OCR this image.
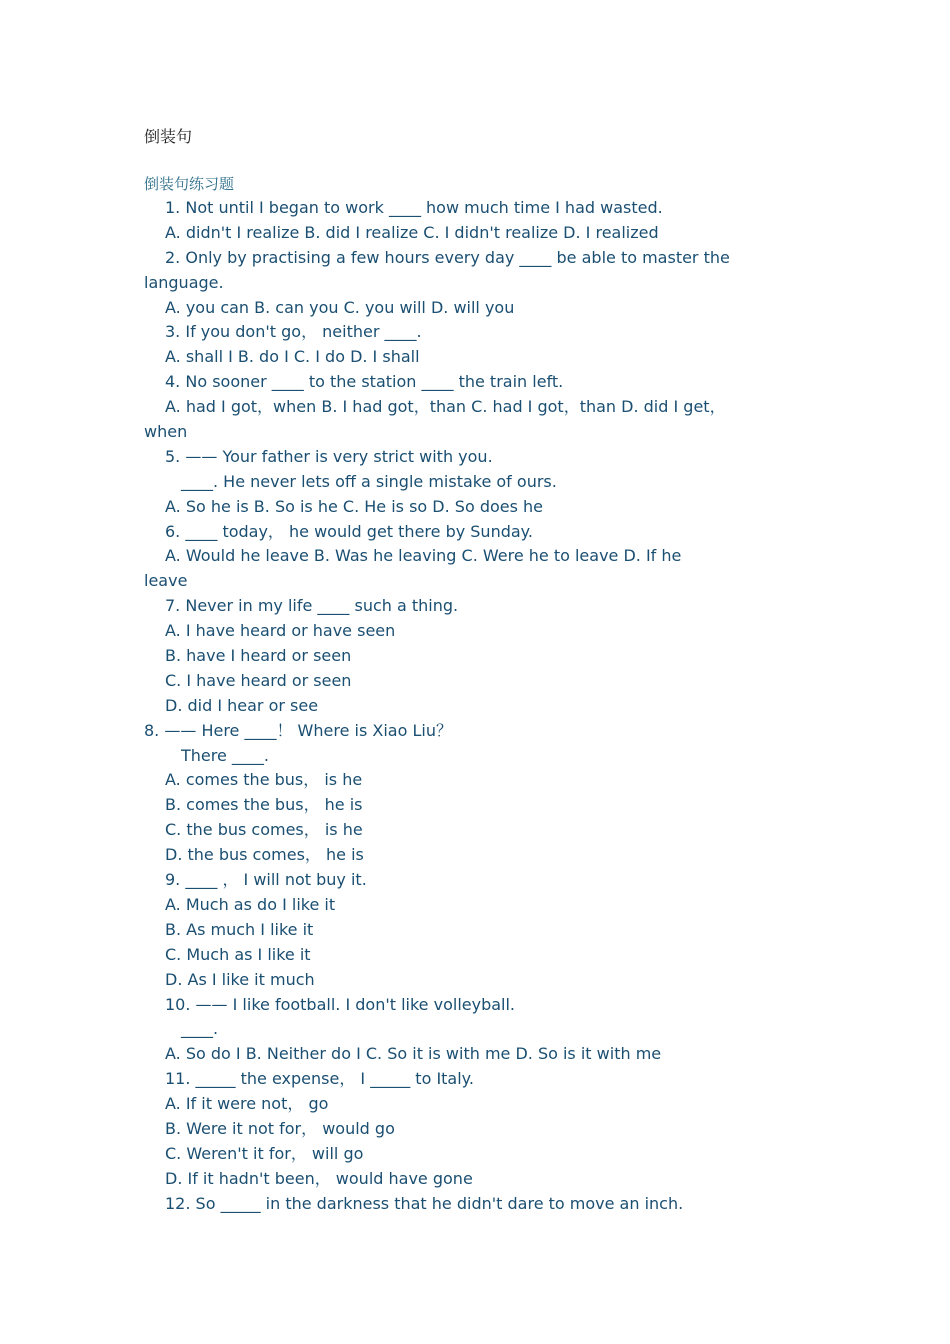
倒装句
倒装句练习题
1. Not until I began to work ____ how much time I had wasted.
A. didn't I realize B. did I realize C. I didn't realize D. I realized
2. Only by practising a few hours every day ____ be able to master the
language.
A. you can B. can you C. you will D. will you
3. If you don't go， neither ____.
A. shall I B. do I C. I do D. I shall
4. No sooner ____ to the station ____ the train left.
A. had I got，when B. I had got，than C. had I got，than D. did I get，
when
5. —— Your father is very strict with you.
____. He never lets off a single mistake of ours.
A. So he is B. So is he C. He is so D. So does he
6. ____ today， he would get there by Sunday.
A. Would he leave B. Was he leaving C. Were he to leave D. If he
leave
7. Never in my life ____ such a thing.
A. I have heard or have seen
B. have I heard or seen
C. I have heard or seen
D. did I hear or see
8. —— Here ____！ Where is Xiao Liu？
There ____.
A. comes the bus， is he
B. comes the bus， he is
C. the bus comes， is he
D. the bus comes， he is
9. ____ ， I will not buy it.
A. Much as do I like it
B. As much I like it
C. Much as I like it
D. As I like it much
10. —— I like football. I don't like volleyball.
____.
A. So do I B. Neither do I C. So it is with me D. So is it with me
11. _____ the expense， I _____ to Italy.
A. If it were not， go
B. Were it not for， would go
C. Weren't it for， will go
D. If it hadn't been， would have gone
12. So _____ in the darkness that he didn't dare to move an inch.
